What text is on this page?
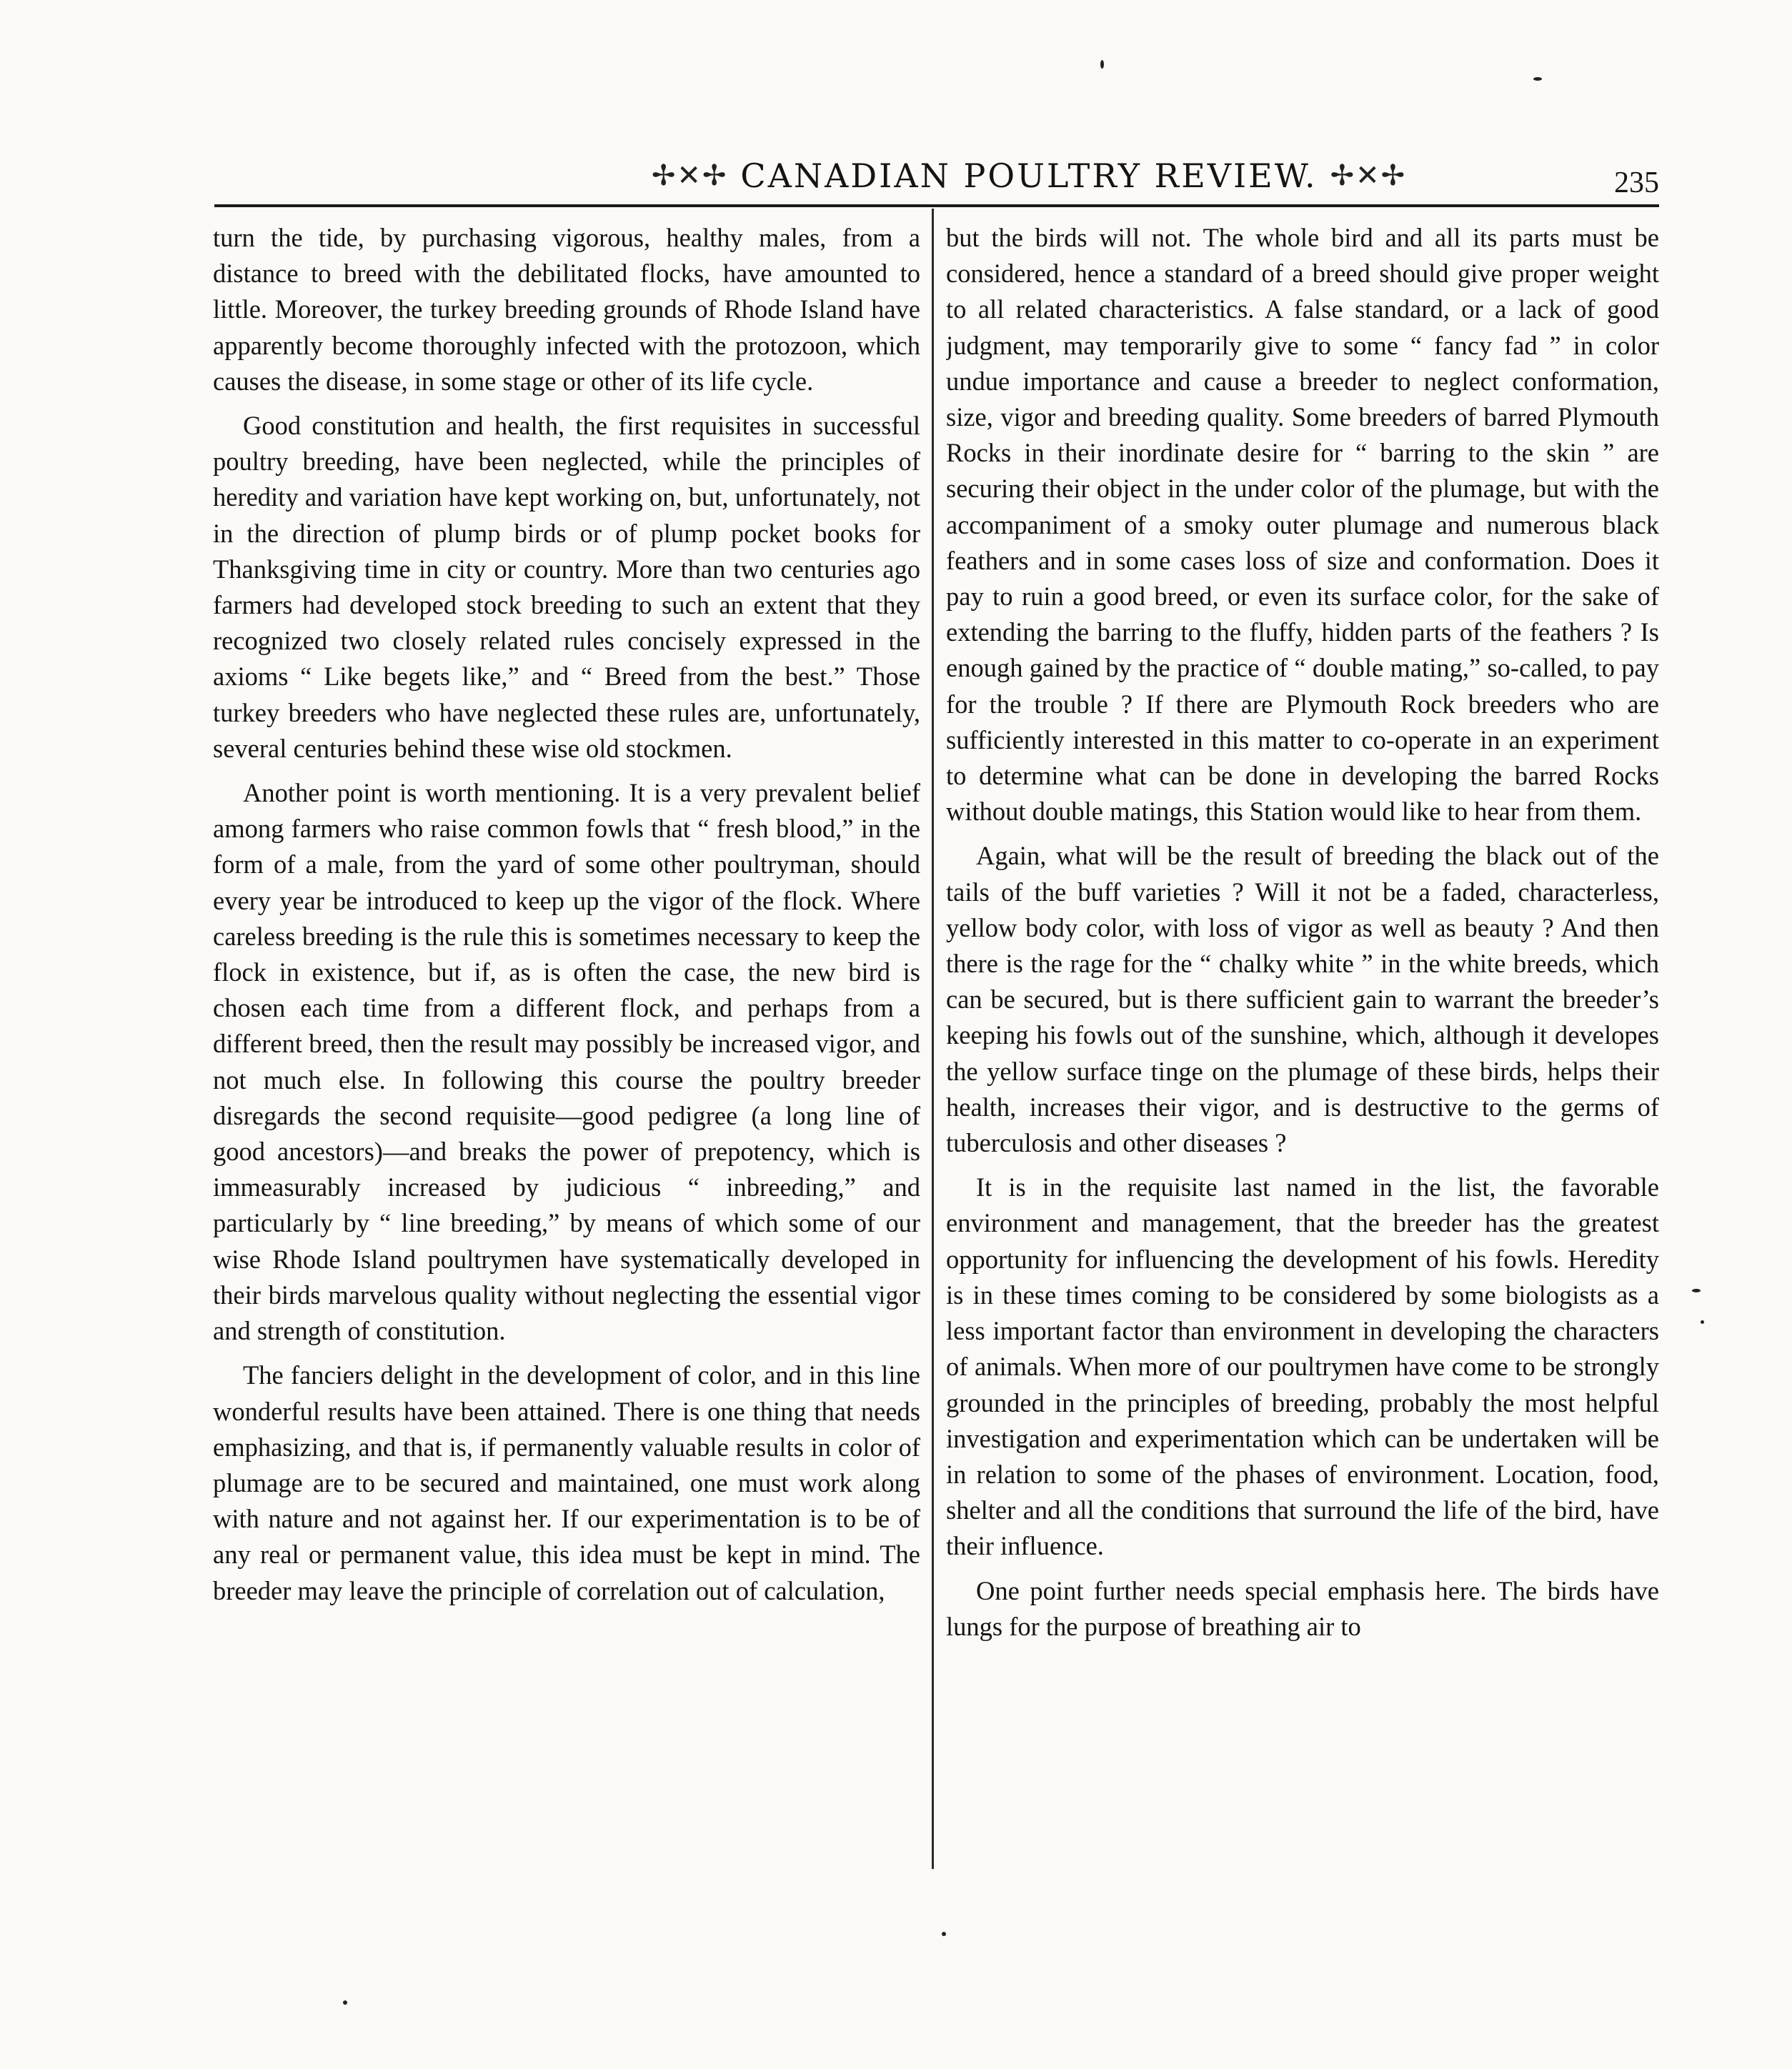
✢✕✢ CANADIAN POULTRY REVIEW. ✢✕✢	235

turn the tide, by purchasing vigorous, healthy males, from a distance to breed with the debilitated flocks, have amounted to little. Moreover, the turkey breeding grounds of Rhode Island have apparently become thoroughly infected with the protozoon, which causes the disease, in some stage or other of its life cycle.

Good constitution and health, the first requisites in successful poultry breeding, have been neglected, while the principles of heredity and variation have kept working on, but, unfortunately, not in the direction of plump birds or of plump pocket books for Thanksgiving time in city or country. More than two centuries ago farmers had developed stock breeding to such an extent that they recognized two closely related rules concisely expressed in the axioms “ Like begets like,” and “ Breed from the best.” Those turkey breeders who have neglected these rules are, unfortunately, several centuries behind these wise old stockmen.

Another point is worth mentioning. It is a very prevalent belief among farmers who raise common fowls that “ fresh blood,” in the form of a male, from the yard of some other poultryman, should every year be introduced to keep up the vigor of the flock. Where careless breeding is the rule this is sometimes necessary to keep the flock in existence, but if, as is often the case, the new bird is chosen each time from a different flock, and perhaps from a different breed, then the result may possibly be increased vigor, and not much else. In following this course the poultry breeder disregards the second requisite—good pedigree (a long line of good ancestors)—and breaks the power of prepotency, which is immeasurably increased by judicious “ inbreeding,” and particularly by “ line breeding,” by means of which some of our wise Rhode Island poultrymen have systematically developed in their birds marvelous quality without neglecting the essential vigor and strength of constitution.

The fanciers delight in the development of color, and in this line wonderful results have been attained. There is one thing that needs emphasizing, and that is, if permanently valuable results in color of plumage are to be secured and maintained, one must work along with nature and not against her. If our experimentation is to be of any real or permanent value, this idea must be kept in mind. The breeder may leave the principle of correlation out of calculation,

but the birds will not. The whole bird and all its parts must be considered, hence a standard of a breed should give proper weight to all related characteristics. A false standard, or a lack of good judgment, may temporarily give to some “ fancy fad ” in color undue importance and cause a breeder to neglect conformation, size, vigor and breeding quality. Some breeders of barred Plymouth Rocks in their inordinate desire for “ barring to the skin ” are securing their object in the under color of the plumage, but with the accompaniment of a smoky outer plumage and numerous black feathers and in some cases loss of size and conformation. Does it pay to ruin a good breed, or even its surface color, for the sake of extending the barring to the fluffy, hidden parts of the feathers ? Is enough gained by the practice of “ double mating,” so-called, to pay for the trouble ? If there are Plymouth Rock breeders who are sufficiently interested in this matter to co-operate in an experiment to determine what can be done in developing the barred Rocks without double matings, this Station would like to hear from them.

Again, what will be the result of breeding the black out of the tails of the buff varieties ? Will it not be a faded, characterless, yellow body color, with loss of vigor as well as beauty ? And then there is the rage for the “ chalky white ” in the white breeds, which can be secured, but is there sufficient gain to warrant the breeder’s keeping his fowls out of the sunshine, which, although it developes the yellow surface tinge on the plumage of these birds, helps their health, increases their vigor, and is destructive to the germs of tuberculosis and other diseases ?

It is in the requisite last named in the list, the favorable environment and management, that the breeder has the greatest opportunity for influencing the development of his fowls. Heredity is in these times coming to be considered by some biologists as a less important factor than environment in developing the characters of animals. When more of our poultrymen have come to be strongly grounded in the principles of breeding, probably the most helpful investigation and experimentation which can be undertaken will be in relation to some of the phases of environment. Location, food, shelter and all the conditions that surround the life of the bird, have their influence.

One point further needs special emphasis here. The birds have lungs for the purpose of breathing air to
